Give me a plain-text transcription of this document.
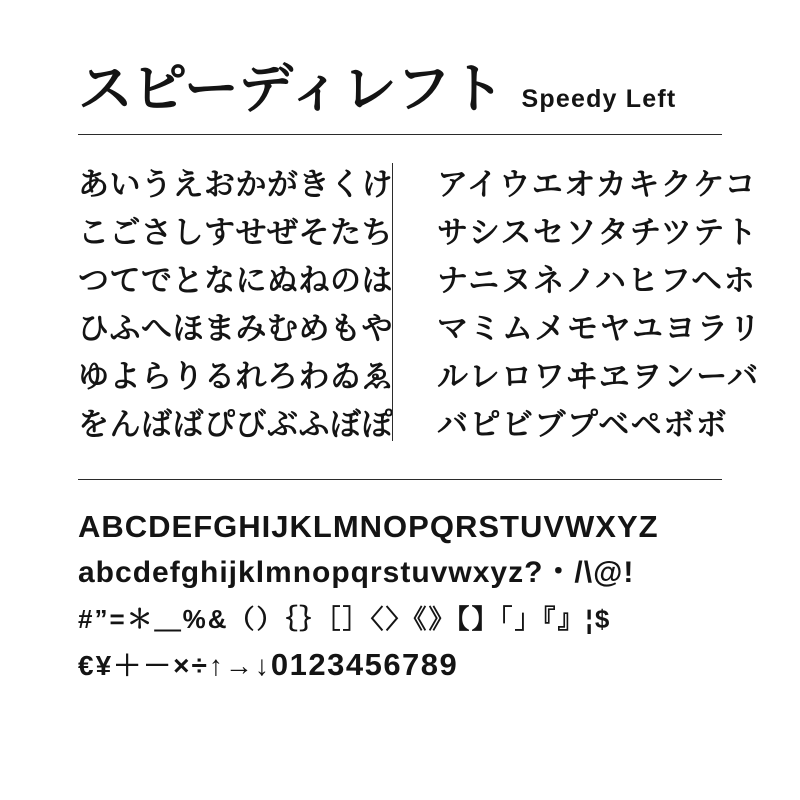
スピーディレフト Speedy Left
あいうえおかがきくけ
こごさしすせぜそたち
つてでとなにぬねのは
ひふへほまみむめもや
ゆよらりるれろわゐゑ
をんばばぴびぶふぼぽ
アイウエオカキクケコ
サシスセソタチツテト
ナニヌネノハヒフヘホ
マミムメモヤユヨラリ
ルレロワヰヱヲンーバ
バピビブプベペボボ
ABCDEFGHIJKLMNOPQRSTUVWXYZ
abcdefghijklmnopqrstuvwxyz?・/\@!
#”=＊＿%&（）｛｝［］〈〉《》【】「」『』¦$
€¥＋－×÷↑→↓0123456789
